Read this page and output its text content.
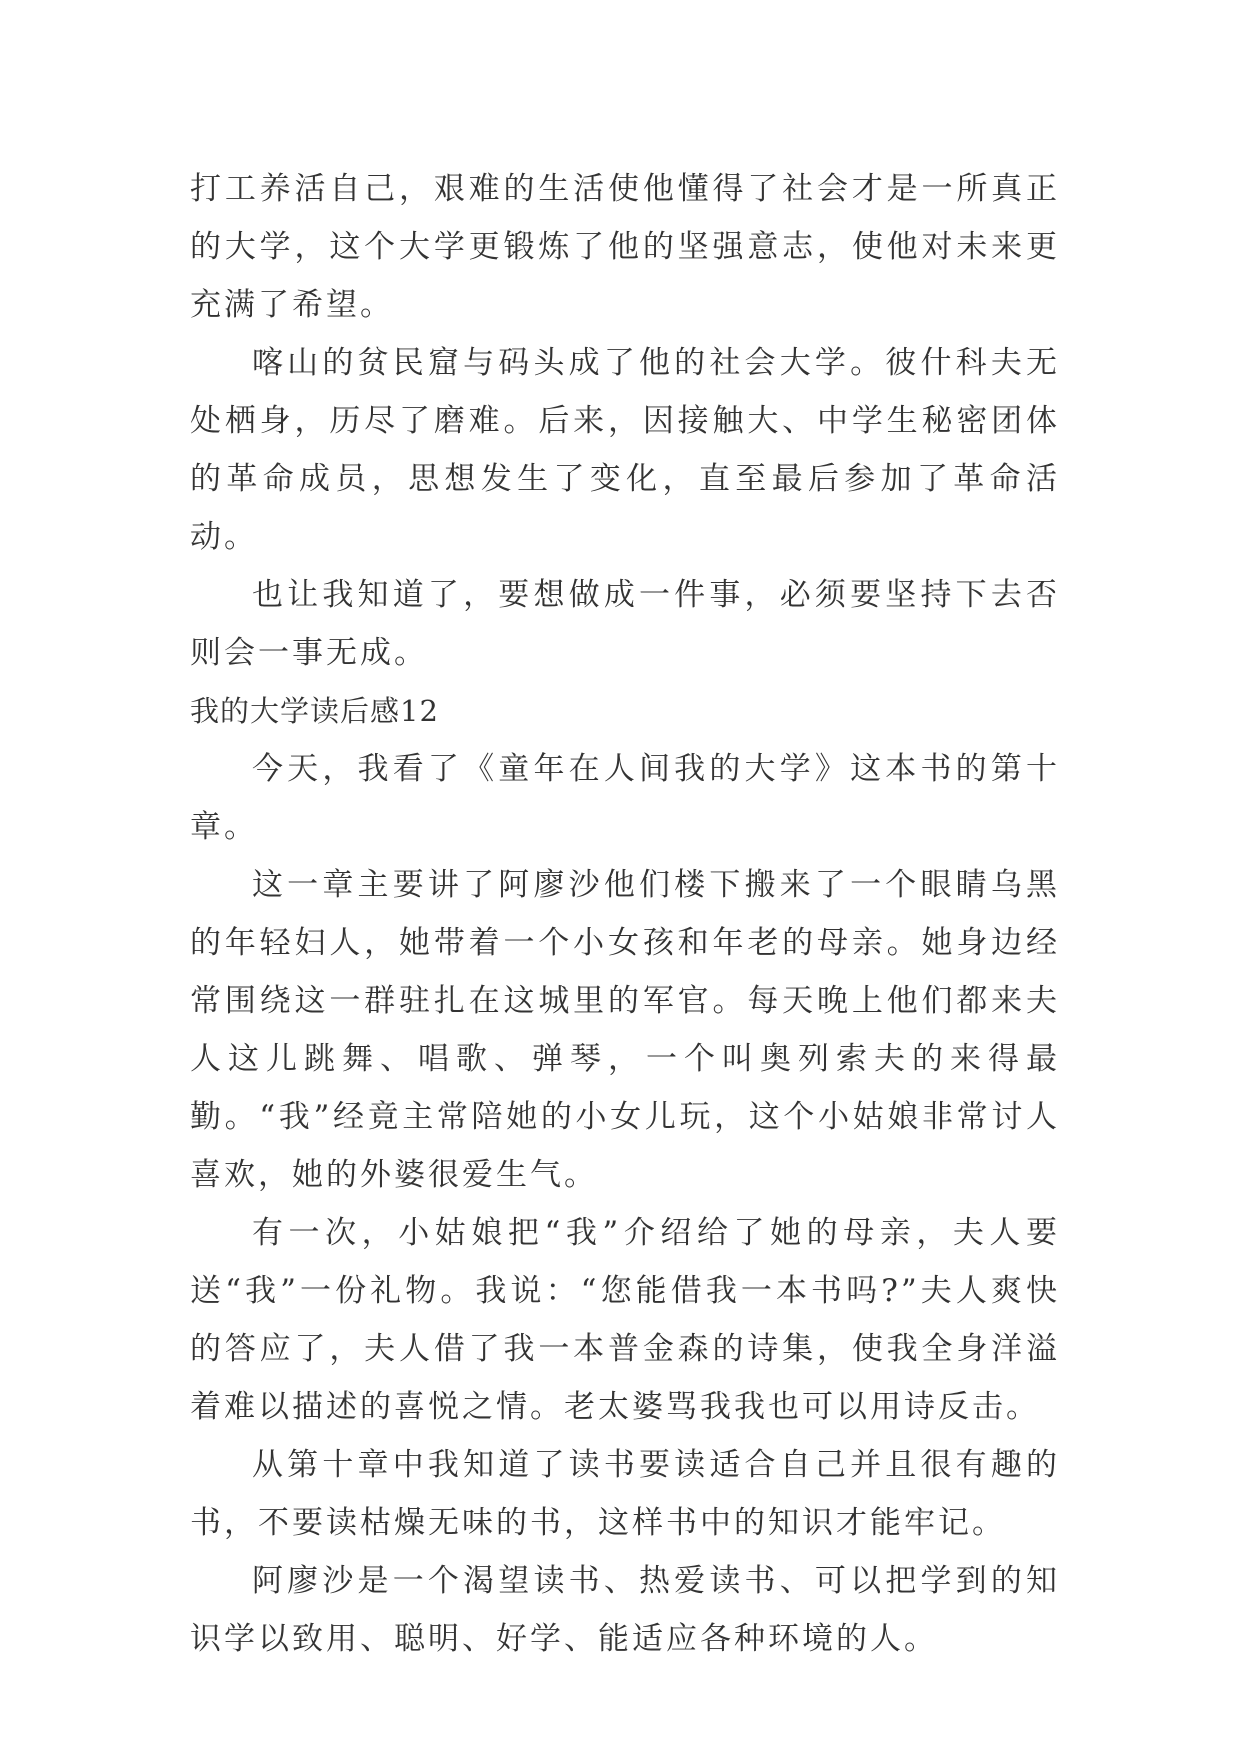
打工养活自己，艰难的生活使他懂得了社会才是一所真正的大学，这个大学更锻炼了他的坚强意志，使他对未来更充满了希望。

喀山的贫民窟与码头成了他的社会大学。彼什科夫无处栖身，历尽了磨难。后来，因接触大、中学生秘密团体的革命成员，思想发生了变化，直至最后参加了革命活动。

也让我知道了，要想做成一件事，必须要坚持下去否则会一事无成。

我的大学读后感12

今天，我看了《童年在人间我的大学》这本书的第十章。

这一章主要讲了阿廖沙他们楼下搬来了一个眼睛乌黑的年轻妇人，她带着一个小女孩和年老的母亲。她身边经常围绕这一群驻扎在这城里的军官。每天晚上他们都来夫人这儿跳舞、唱歌、弹琴，一个叫奥列索夫的来得最勤。“我”经竟主常陪她的小女儿玩，这个小姑娘非常讨人喜欢，她的外婆很爱生气。

有一次，小姑娘把“我”介绍给了她的母亲，夫人要送“我”一份礼物。我说：“您能借我一本书吗?”夫人爽快的答应了，夫人借了我一本普金森的诗集，使我全身洋溢着难以描述的喜悦之情。老太婆骂我我也可以用诗反击。

从第十章中我知道了读书要读适合自己并且很有趣的书，不要读枯燥无味的书，这样书中的知识才能牢记。

阿廖沙是一个渴望读书、热爱读书、可以把学到的知识学以致用、聪明、好学、能适应各种环境的人。
